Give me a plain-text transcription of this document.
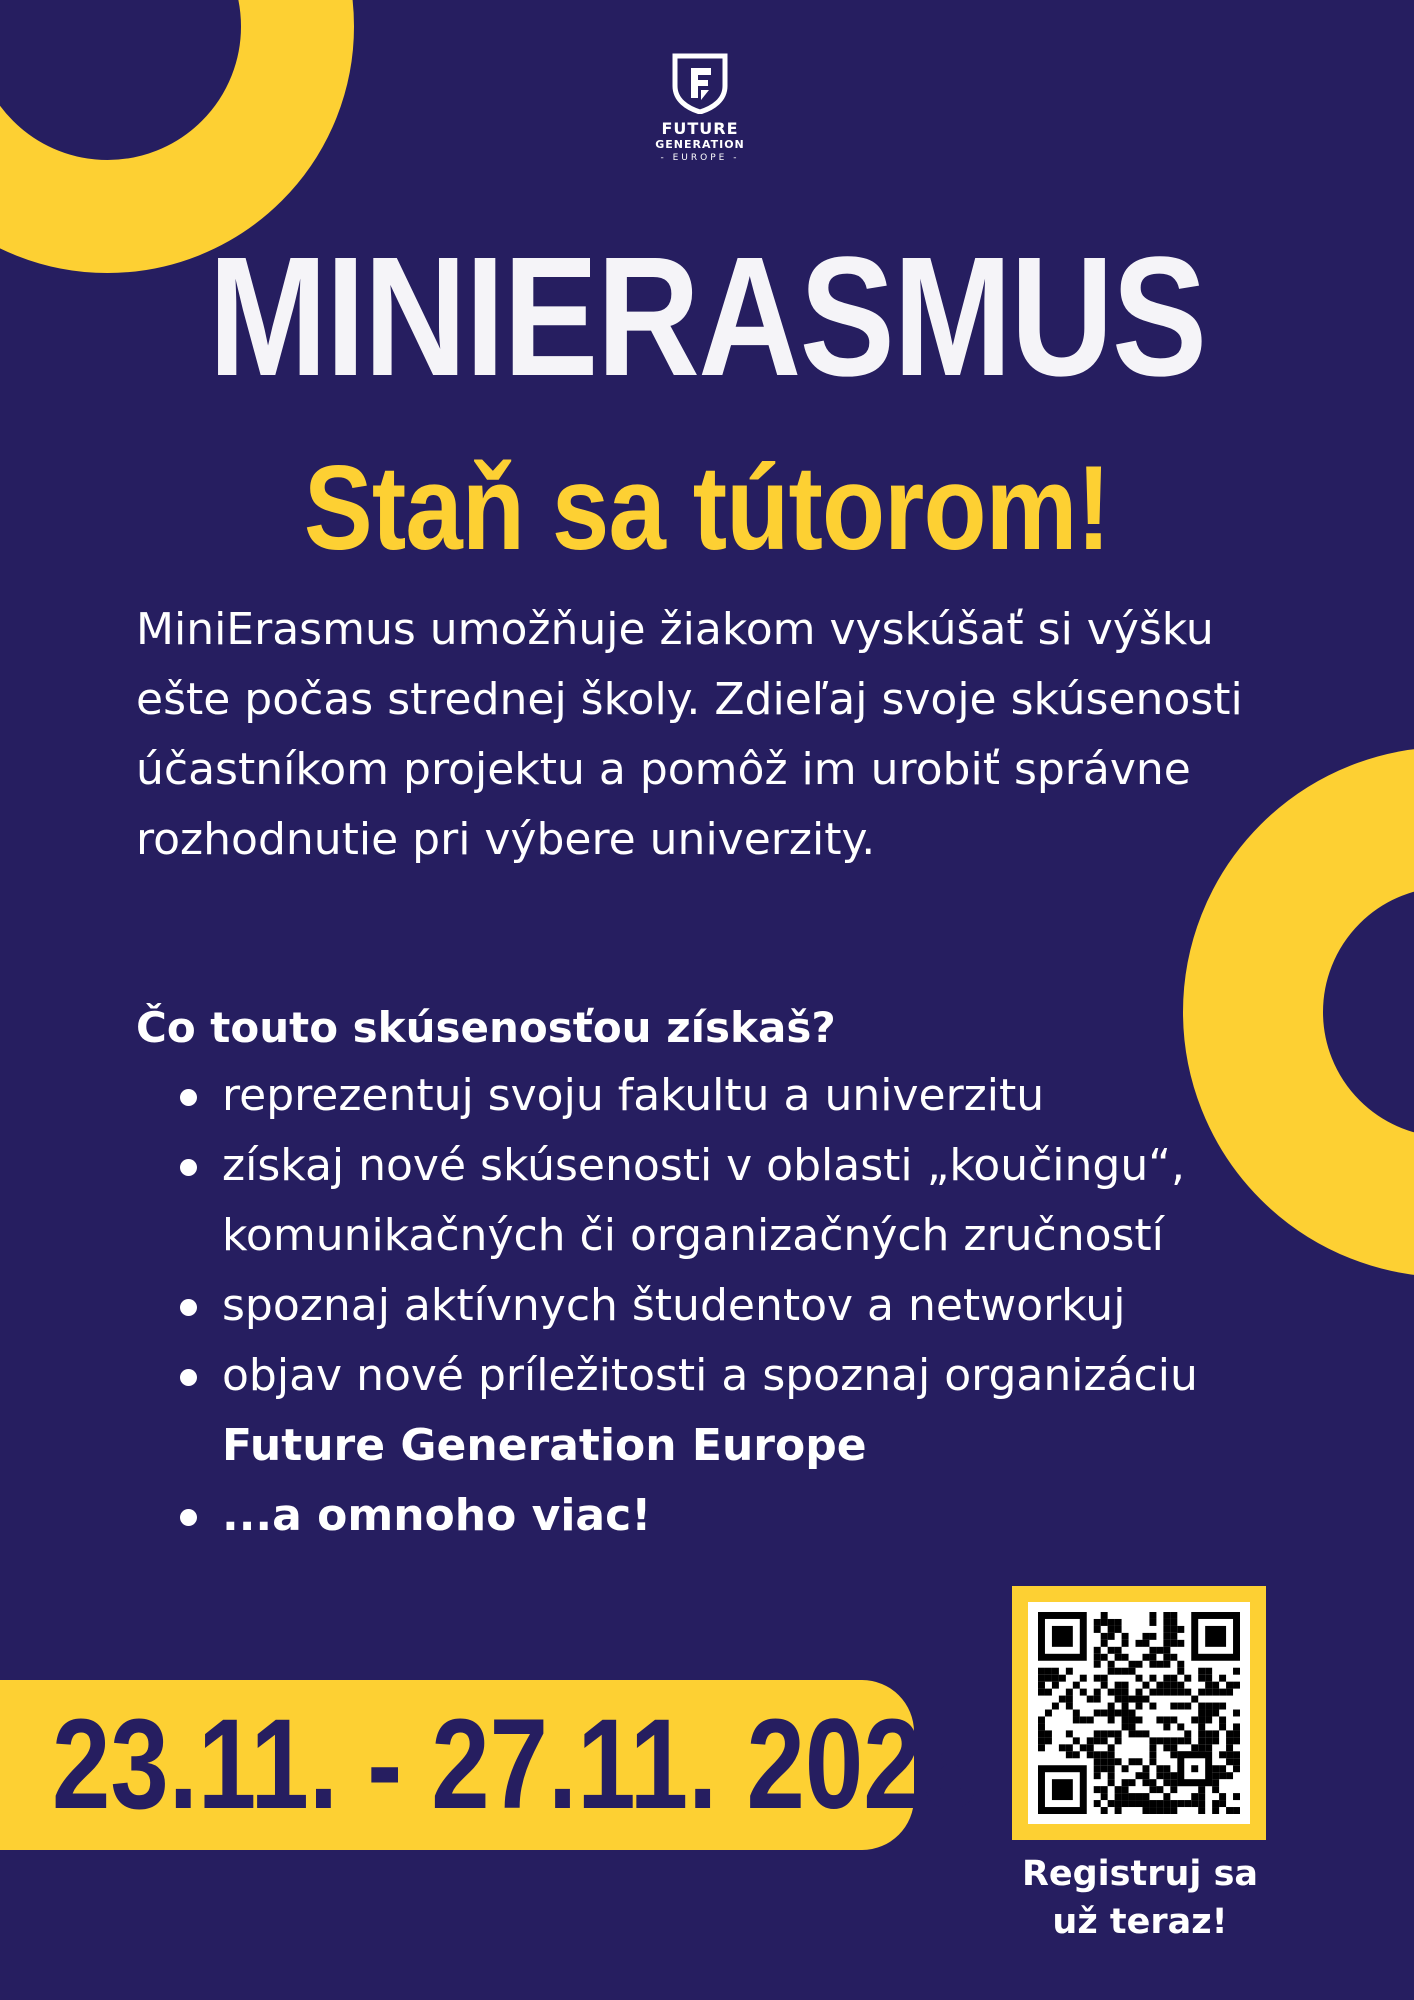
FUTURE
GENERATION
- EUROPE -
MINIERASMUS
Staň sa tútorom!

MiniErasmus umožňuje žiakom vyskúšať si výšku ešte počas strednej školy. Zdieľaj svoje skúsenosti účastníkom projektu a pomôž im urobiť správne rozhodnutie pri výbere univerzity.

Čo touto skúsenosťou získaš?

reprezentuj svoju fakultu a univerzitu
získaj nové skúsenosti v oblasti „koučingu“, komunikačných či organizačných zručností
spoznaj aktívnych študentov a networkuj
objav nové príležitosti a spoznaj organizáciu Future Generation Europe
...a omnoho viac!
23.11. - 27.11. 2025
Registruj sa
už teraz!
